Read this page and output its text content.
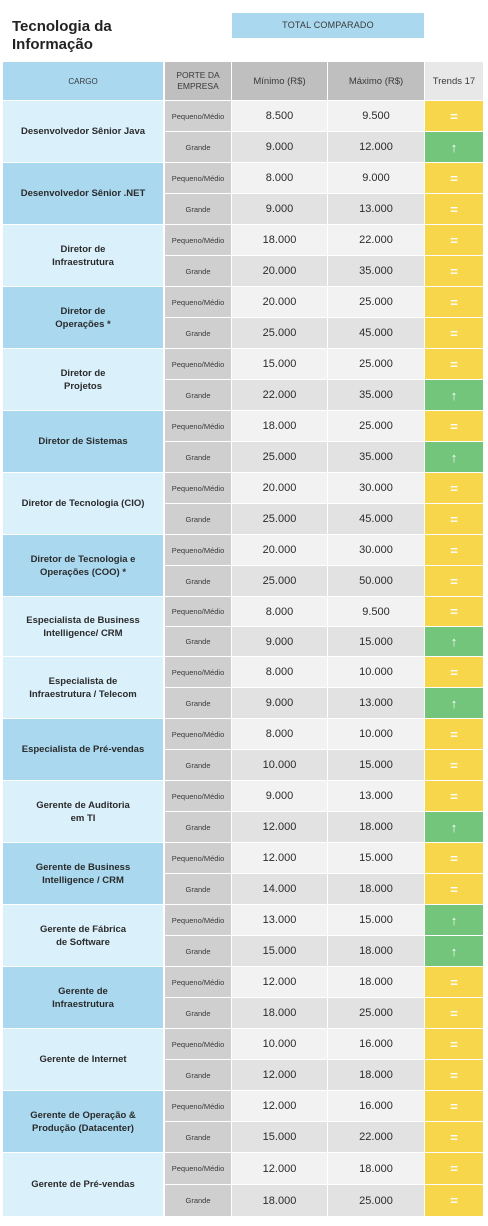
Tecnologia da
Informação
TOTAL COMPARADO
CARGO
PORTE DA
EMPRESA	Mínimo (R$)	Máximo (R$)	Trends 17
Desenvolvedor Sênior Java
Pequeno/Médio	8.500	9.500	=
Grande	9.000	12.000	↑
Desenvolvedor Sênior .NET
Pequeno/Médio	8.000	9.000	=
Grande	9.000	13.000	=
Diretor de
Infraestrutura
Pequeno/Médio	18.000	22.000	=
Grande	20.000	35.000	=
Diretor de
Operações *
Pequeno/Médio	20.000	25.000	=
Grande	25.000	45.000	=
Diretor de
Projetos
Pequeno/Médio	15.000	25.000	=
Grande	22.000	35.000	↑
Diretor de Sistemas
Pequeno/Médio	18.000	25.000	=
Grande	25.000	35.000	↑
Diretor de Tecnologia (CIO)
Pequeno/Médio	20.000	30.000	=
Grande	25.000	45.000	=
Diretor de Tecnologia e
Operações (COO) *
Pequeno/Médio	20.000	30.000	=
Grande	25.000	50.000	=
Especialista de Business
Intelligence/ CRM
Pequeno/Médio	8.000	9.500	=
Grande	9.000	15.000	↑
Especialista de
Infraestrutura / Telecom
Pequeno/Médio	8.000	10.000	=
Grande	9.000	13.000	↑
Especialista de Pré-vendas
Pequeno/Médio	8.000	10.000	=
Grande	10.000	15.000	=
Gerente de Auditoria
em TI
Pequeno/Médio	9.000	13.000	=
Grande	12.000	18.000	↑
Gerente de Business
Intelligence / CRM
Pequeno/Médio	12.000	15.000	=
Grande	14.000	18.000	=
Gerente de Fábrica
de Software
Pequeno/Médio	13.000	15.000	↑
Grande	15.000	18.000	↑
Gerente de
Infraestrutura
Pequeno/Médio	12.000	18.000	=
Grande	18.000	25.000	=
Gerente de Internet
Pequeno/Médio	10.000	16.000	=
Grande	12.000	18.000	=
Gerente de Operação &
Produção (Datacenter)
Pequeno/Médio	12.000	16.000	=
Grande	15.000	22.000	=
Gerente de Pré-vendas
Pequeno/Médio	12.000	18.000	=
Grande	18.000	25.000	=
